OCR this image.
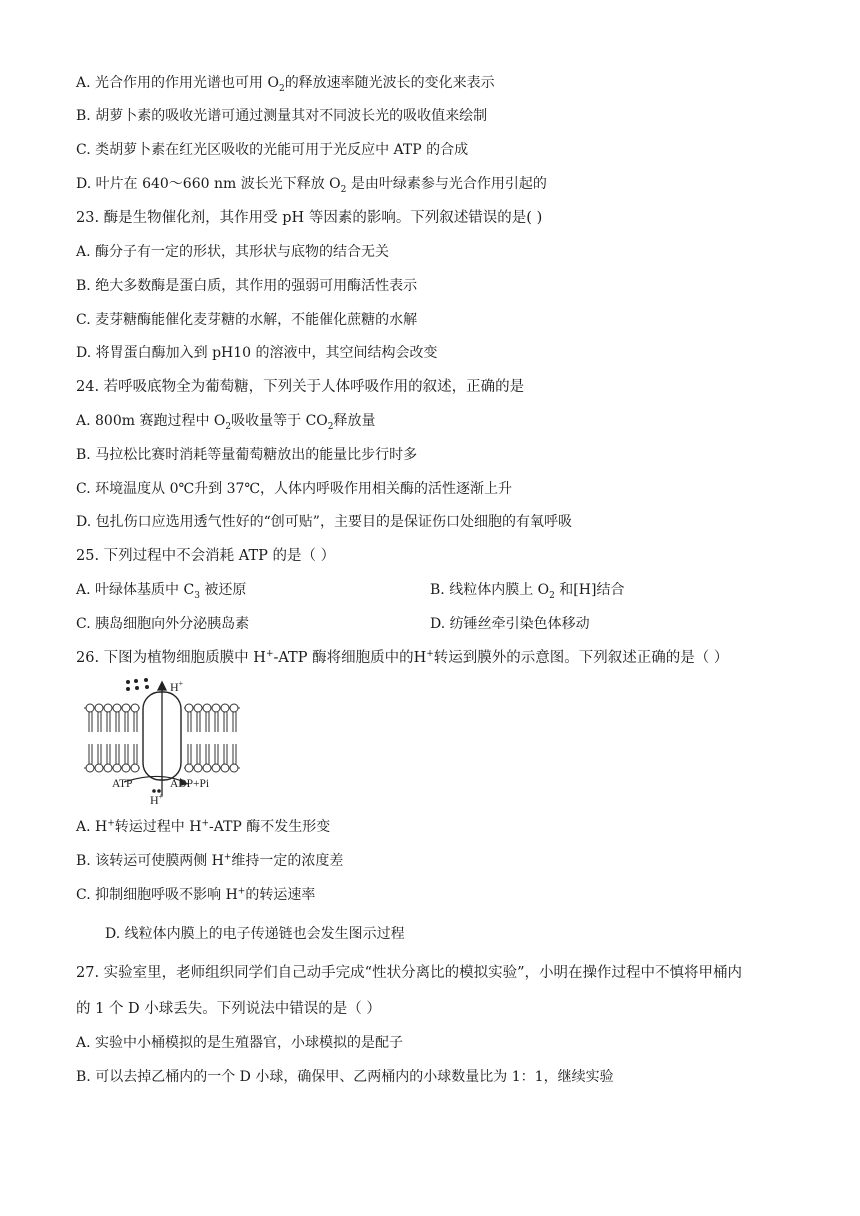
A. 光合作用的作用光谱也可用 $O_2$的释放速率随光波长的变化来表示
B. 胡萝卜素的吸收光谱可通过测量其对不同波长光的吸收值来绘制
C. 类胡萝卜素在红光区吸收的光能可用于光反应中 ATP 的合成
D. 叶片在 640～660 nm 波长光下释放 $O_2$ 是由叶绿素参与光合作用引起的
23. 酶是生物催化剂，其作用受 pH 等因素的影响。下列叙述错误的是( )
A. 酶分子有一定的形状，其形状与底物的结合无关
B. 绝大多数酶是蛋白质，其作用的强弱可用酶活性表示
C. 麦芽糖酶能催化麦芽糖的水解，不能催化蔗糖的水解
D. 将胃蛋白酶加入到 pH10 的溶液中，其空间结构会改变
24. 若呼吸底物全为葡萄糖，下列关于人体呼吸作用的叙述，正确的是
A. 800m 赛跑过程中 $O_2$吸收量等于 $CO_2$释放量
B. 马拉松比赛时消耗等量葡萄糖放出的能量比步行时多
C. 环境温度从 0℃升到 37℃，人体内呼吸作用相关酶的活性逐渐上升
D. 包扎伤口应选用透气性好的“创可贴”，主要目的是保证伤口处细胞的有氧呼吸
25. 下列过程中不会消耗 ATP 的是（ ）
A. 叶绿体基质中 $C_3$ 被还原	B. 线粒体内膜上 $O_2$ 和[H]结合
C. 胰岛细胞向外分泌胰岛素	D. 纺锤丝牵引染色体移动
26. 下图为植物细胞质膜中 H+-ATP 酶将细胞质中的H+转运到膜外的示意图。下列叙述正确的是（ ）
H+
ATP	ADP+Pi
H+
A. H+转运过程中 H+-ATP 酶不发生形变
B. 该转运可使膜两侧 H+维持一定的浓度差
C. 抑制细胞呼吸不影响 H+的转运速率
D. 线粒体内膜上的电子传递链也会发生图示过程
27. 实验室里，老师组织同学们自己动手完成“性状分离比的模拟实验”，小明在操作过程中不慎将甲桶内
的 1 个 D 小球丢失。下列说法中错误的是（ ）
A. 实验中小桶模拟的是生殖器官，小球模拟的是配子
B. 可以去掉乙桶内的一个 D 小球，确保甲、乙两桶内的小球数量比为 1：1，继续实验
